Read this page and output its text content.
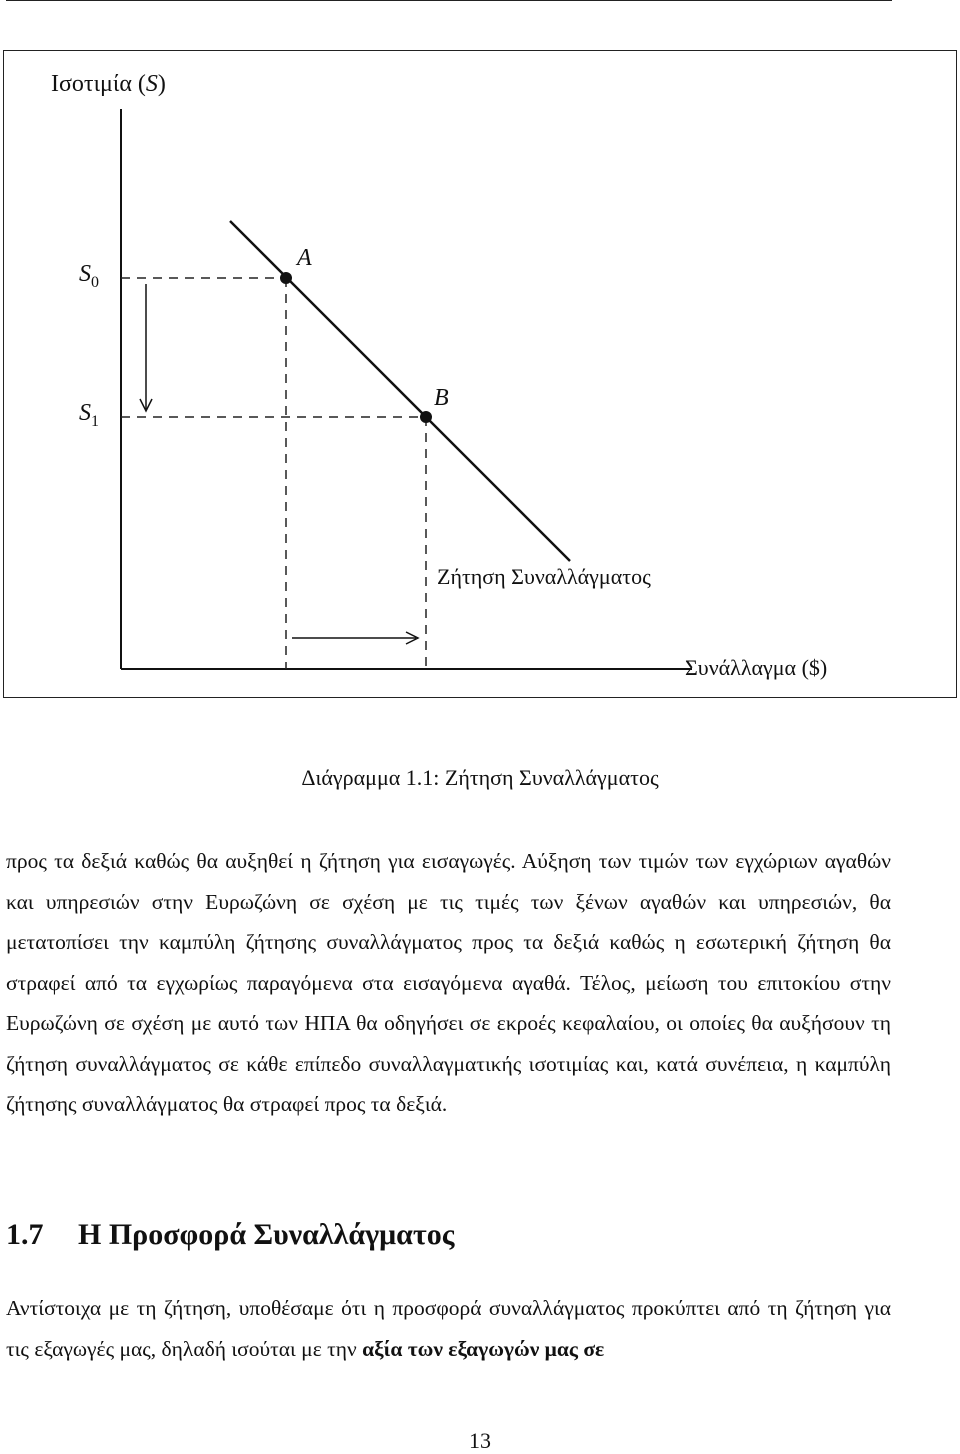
Ισοτιμία (S)
$S_0$
$S_1$
A
B
Ζήτηση Συναλλάγματος
Συνάλλαγμα ($)
Διάγραμμα 1.1: Ζήτηση Συναλλάγματος

προς τα δεξιά καθώς θα αυξηθεί η ζήτηση για εισαγωγές. Αύξηση των τιμών των εγχώριων αγαθών και υπηρεσιών στην Ευρωζώνη σε σχέση με τις τιμές των ξένων αγαθών και υπηρεσιών, θα μετατοπίσει την καμπύλη ζήτησης συναλλάγματος προς τα δεξιά καθώς η εσωτερική ζήτηση θα στραφεί από τα εγχωρίως παραγόμενα στα εισαγόμενα αγαθά. Τέλος, μείωση του επιτοκίου στην Ευρωζώνη σε σχέση με αυτό των ΗΠΑ θα οδηγήσει σε εκροές κεφαλαίου, οι οποίες θα αυξήσουν τη ζήτηση συναλλάγματος σε κάθε επίπεδο συναλλαγματικής ισοτιμίας και, κατά συνέπεια, η καμπύλη ζήτησης συναλλάγματος θα στραφεί προς τα δεξιά.

1.7 Η Προσφορά Συναλλάγματος

Αντίστοιχα με τη ζήτηση, υποθέσαμε ότι η προσφορά συναλλάγματος προκύπτει από τη ζήτηση για τις εξαγωγές μας, δηλαδή ισούται με την αξία των εξαγωγών μας σε

13
